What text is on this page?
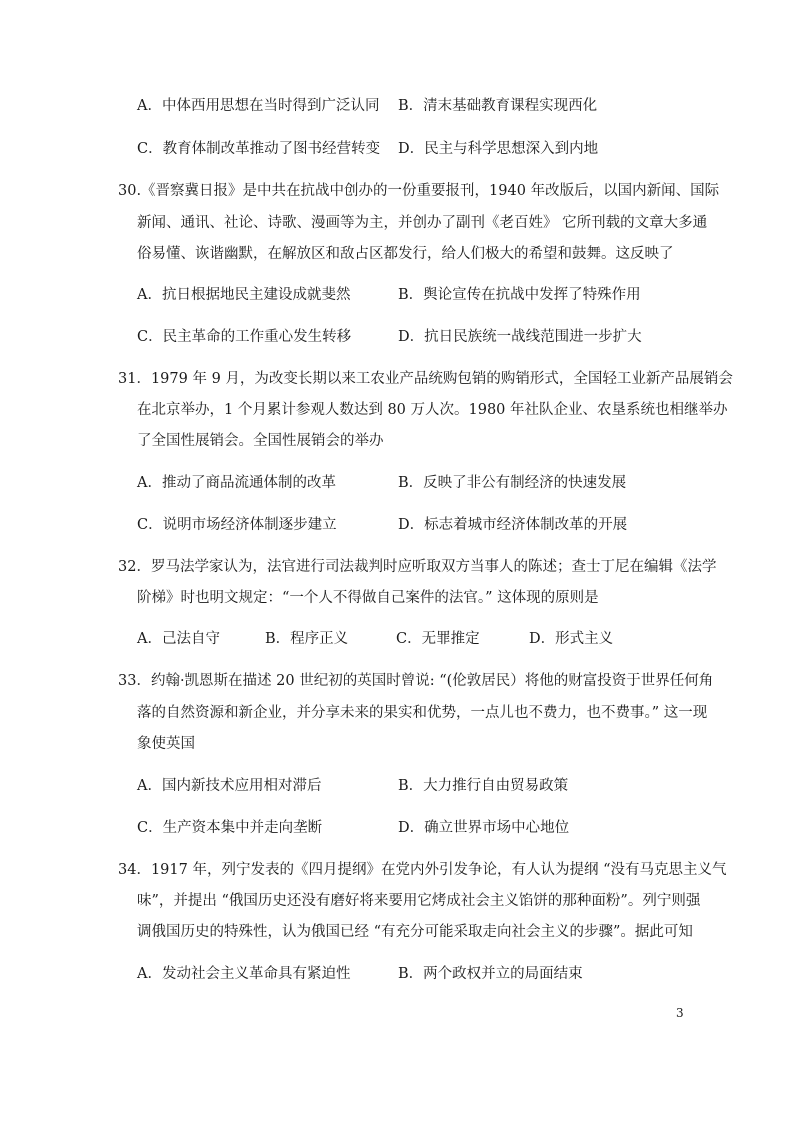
A．中体西用思想在当时得到广泛认同 B．清末基础教育课程实现西化
C．教育体制改革推动了图书经营转变 D．民主与科学思想深入到内地
30.《晋察冀日报》是中共在抗战中创办的一份重要报刊，1940 年改版后，以国内新闻、国际
新闻、通讯、社论、诗歌、漫画等为主，并创办了副刊《老百姓》 它所刊载的文章大多通
俗易懂、诙谐幽默，在解放区和敌占区都发行，给人们极大的希望和鼓舞。这反映了
A．抗日根据地民主建设成就斐然	B．舆论宣传在抗战中发挥了特殊作用
C．民主革命的工作重心发生转移	D．抗日民族统一战线范围进一步扩大
31．1979 年 9 月，为改变长期以来工农业产品统购包销的购销形式，全国轻工业新产品展销会
在北京举办，1 个月累计参观人数达到 80 万人次。1980 年社队企业、农垦系统也相继举办
了全国性展销会。全国性展销会的举办
A．推动了商品流通体制的改革	B．反映了非公有制经济的快速发展
C．说明市场经济体制逐步建立	D．标志着城市经济体制改革的开展
32．罗马法学家认为，法官进行司法裁判时应听取双方当事人的陈述；查士丁尼在编辑《法学
阶梯》时也明文规定：“一个人不得做自己案件的法官。” 这体现的原则是
A．己法自守	B．程序正义	C．无罪推定	D．形式主义
33．约翰·凯恩斯在描述 20 世纪初的英国时曾说: “(伦敦居民）将他的财富投资于世界任何角
落的自然资源和新企业，并分享未来的果实和优势，一点儿也不费力，也不费事。” 这一现
象使英国
A．国内新技术应用相对滞后	B．大力推行自由贸易政策
C．生产资本集中并走向垄断	D．确立世界市场中心地位
34．1917 年，列宁发表的《四月提纲》在党内外引发争论，有人认为提纲 “没有马克思主义气
味”，并提出 “俄国历史还没有磨好将来要用它烤成社会主义馅饼的那种面粉”。列宁则强
调俄国历史的特殊性，认为俄国已经 “有充分可能采取走向社会主义的步骤”。据此可知
A．发动社会主义革命具有紧迫性	B．两个政权并立的局面结束
3
